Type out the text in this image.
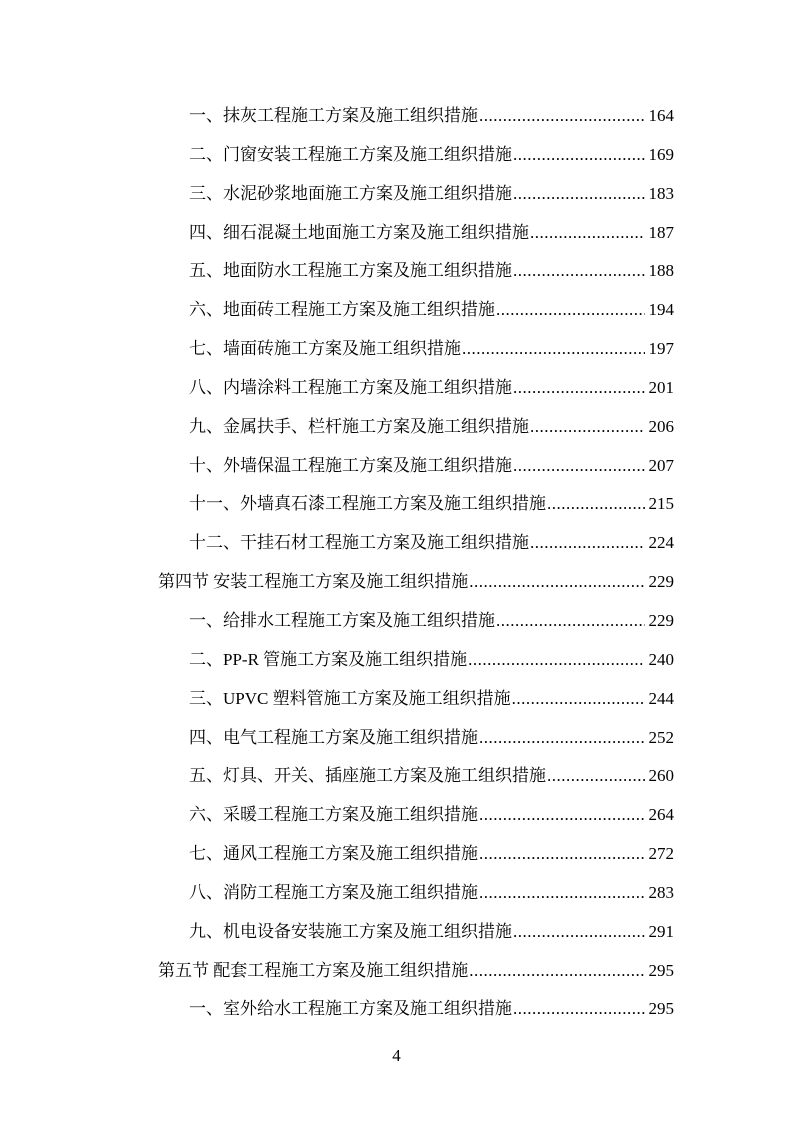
一、抹灰工程施工方案及施工组织措施 .....	164
二、门窗安装工程施工方案及施工组织措施 .....	169
三、水泥砂浆地面施工方案及施工组织措施 .....	183
四、细石混凝土地面施工方案及施工组织措施 .....	187
五、地面防水工程施工方案及施工组织措施 .....	188
六、地面砖工程施工方案及施工组织措施 .....	194
七、墙面砖施工方案及施工组织措施 .....	197
八、内墙涂料工程施工方案及施工组织措施 .....	201
九、金属扶手、栏杆施工方案及施工组织措施 .....	206
十、外墙保温工程施工方案及施工组织措施 .....	207
十一、外墙真石漆工程施工方案及施工组织措施 .....	215
十二、干挂石材工程施工方案及施工组织措施 .....	224
第四节 安装工程施工方案及施工组织措施 .....	229
一、给排水工程施工方案及施工组织措施 .....	229
二、PP-R 管施工方案及施工组织措施 .....	240
三、UPVC 塑料管施工方案及施工组织措施 .....	244
四、电气工程施工方案及施工组织措施 .....	252
五、灯具、开关、插座施工方案及施工组织措施 .....	260
六、采暖工程施工方案及施工组织措施 .....	264
七、通风工程施工方案及施工组织措施 .....	272
八、消防工程施工方案及施工组织措施 .....	283
九、机电设备安装施工方案及施工组织措施 .....	291
第五节 配套工程施工方案及施工组织措施 .....	295
一、室外给水工程施工方案及施工组织措施 .....	295
4
